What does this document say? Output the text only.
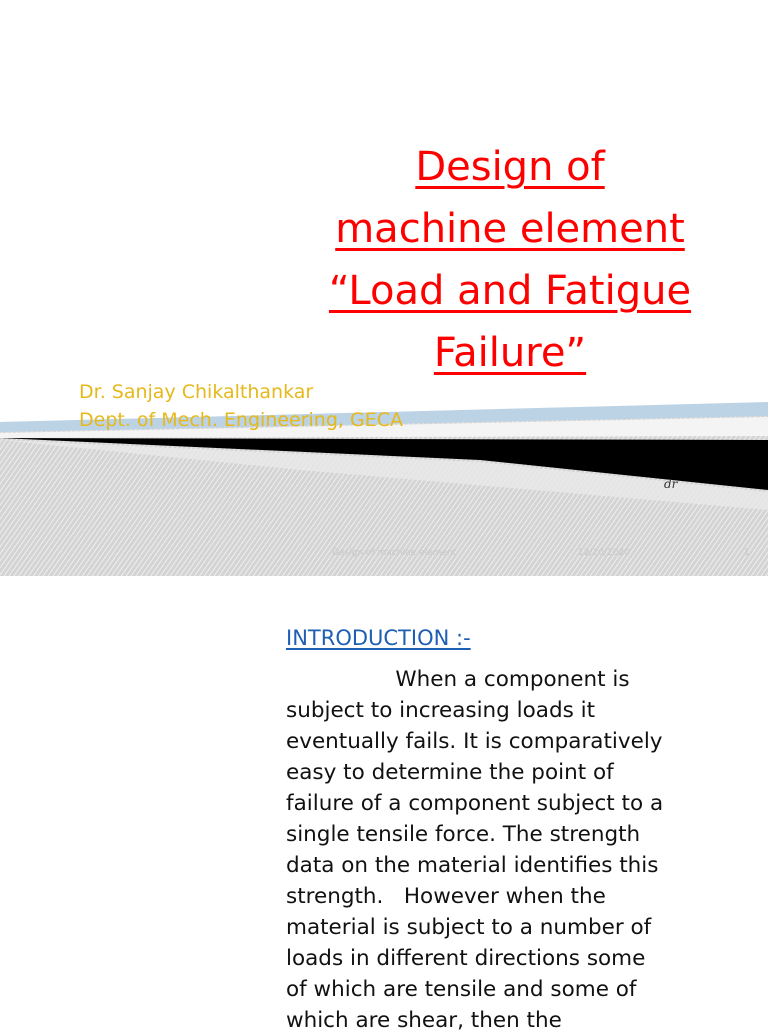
Design of
machine element
“Load and Fatigue
Failure”
Dr. Sanjay Chikalthankar
Dept. of Mech. Engineering, GECA
dr
Design of machine element	12/20/2020	1
INTRODUCTION :-
When a component is
subject to increasing loads it
eventually fails. It is comparatively
easy to determine the point of
failure of a component subject to a
single tensile force. The strength
data on the material identifies this
strength.   However when the
material is subject to a number of
loads in different directions some
of which are tensile and some of
which are shear, then the
